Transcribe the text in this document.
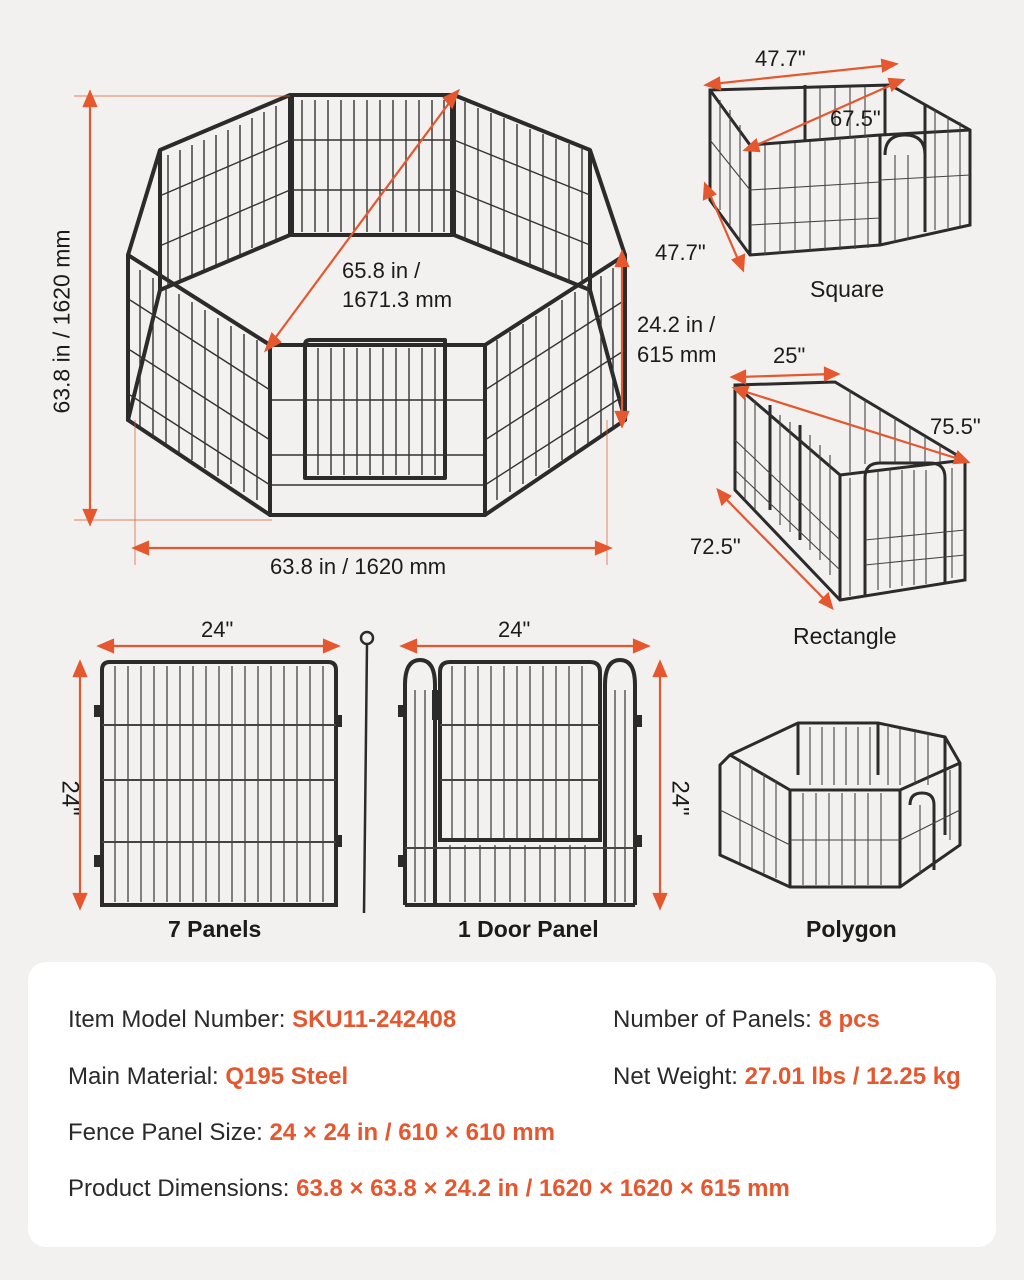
63.8 in / 1620 mm	65.8 in /
1671.3 mm
24.2 in /
615 mm
63.8 in / 1620 mm
47.7"
67.5"
47.7"
Square
25"
75.5"
72.5"
Rectangle
24"
24"
7 Panels
24"
24"
1 Door Panel	Polygon
Item Model Number: SKU11-242408	Number of Panels: 8 pcs
Main Material: Q195 Steel	Net Weight: 27.01 lbs / 12.25 kg
Fence Panel Size: 24 × 24 in / 610 × 610 mm
Product Dimensions: 63.8 × 63.8 × 24.2 in / 1620 × 1620 × 615 mm
